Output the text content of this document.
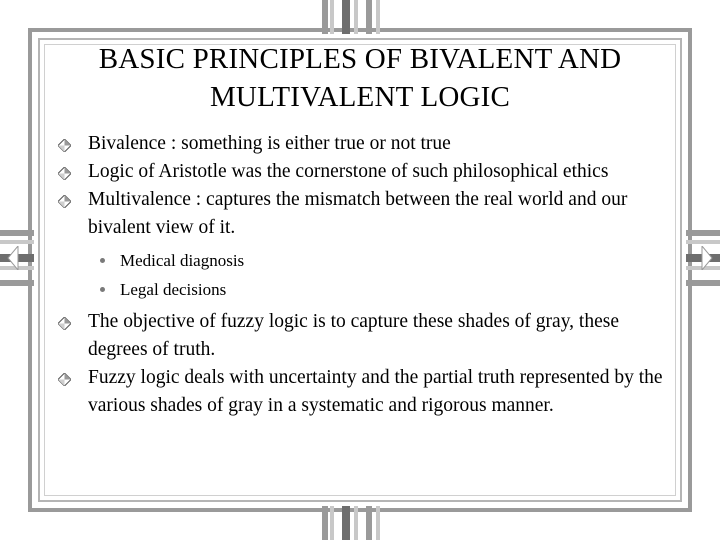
BASIC PRINCIPLES OF BIVALENT AND
MULTIVALENT LOGIC
Bivalence : something is either true or not true
Logic of Aristotle was the cornerstone of such philosophical ethics
Multivalence : captures the mismatch between the real world and our bivalent view of it.
Medical diagnosis
Legal decisions
The objective of fuzzy logic is to capture these shades of gray, these degrees of truth.
Fuzzy logic deals with uncertainty and the partial truth represented by the various shades of gray in a systematic and rigorous manner.
